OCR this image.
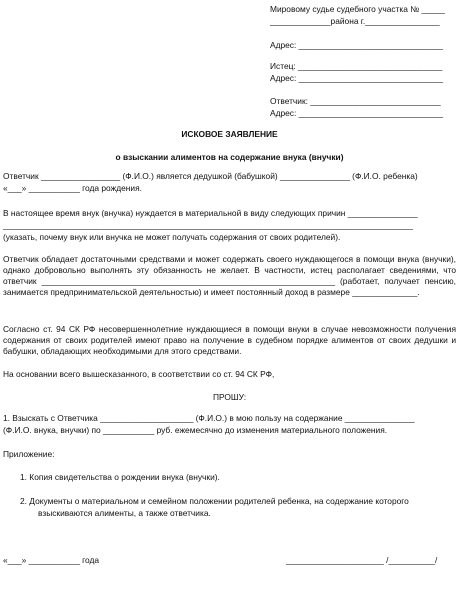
Мировому судье судебного участка № _____
_____________района г.________________
Адрес: _______________________________
Истец: _______________________________
Адрес: _______________________________
Ответчик: ____________________________
Адрес: _______________________________
ИСКОВОЕ ЗАЯВЛЕНИЕ
о взыскании алиментов на содержание внука (внучки)
Ответчик _________________ (Ф.И.О.) является дедушкой (бабушкой) _______________ (Ф.И.О. ребенка)
«___» ___________ года рождения.
В настоящее время внук (внучка) нуждается в материальной в виду следующих причин _______________
________________________________________________________________________________________
(указать, почему внук или внучка не может получать содержания от своих родителей).
Ответчик обладает достаточными средствами и может содержать своего нуждающегося в помощи внука (внучки), однако добровольно выполнять эту обязанность не желает. В частности, истец располагает сведениями, что ответчик _______________________________________________________________ (работает, получает пенсию, занимается предпринимательской деятельностью) и имеет постоянный доход в размере ______________.
Согласно ст. 94 СК РФ несовершеннолетние нуждающиеся в помощи внуки в случае невозможности получения содержания от своих родителей имеют право на получение в судебном порядке алиментов от своих дедушки и бабушки, обладающих необходимыми для этого средствами.
На основании всего вышесказанного, в соответствии со ст. 94 СК РФ,
ПРОШУ:
1. Взыскать с Ответчика ____________________ (Ф.И.О.) в мою пользу на содержание _______________
(Ф.И.О. внука, внучки) по ___________ руб. ежемесячно до изменения материального положения.
Приложение:
1. Копия свидетельства о рождении внука (внучки).
2. Документы о материальном и семейном положении родителей ребенка, на содержание которого
взыскиваются алименты, а также ответчика.
«___» ___________ года	_____________________ /__________/
